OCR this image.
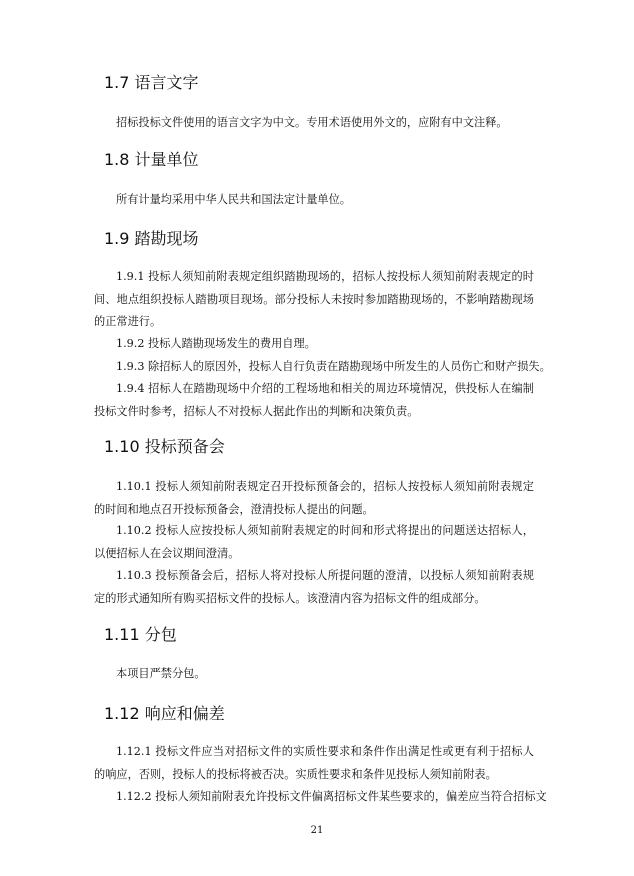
1.7 语言文字
招标投标文件使用的语言文字为中文。专用术语使用外文的，应附有中文注释。
1.8 计量单位
所有计量均采用中华人民共和国法定计量单位。
1.9 踏勘现场
1.9.1 投标人须知前附表规定组织踏勘现场的，招标人按投标人须知前附表规定的时间、地点组织投标人踏勘项目现场。部分投标人未按时参加踏勘现场的，不影响踏勘现场的正常进行。
1.9.2 投标人踏勘现场发生的费用自理。
1.9.3 除招标人的原因外，投标人自行负责在踏勘现场中所发生的人员伤亡和财产损失。
1.9.4 招标人在踏勘现场中介绍的工程场地和相关的周边环境情况，供投标人在编制投标文件时参考，招标人不对投标人据此作出的判断和决策负责。
1.10 投标预备会
1.10.1 投标人须知前附表规定召开投标预备会的，招标人按投标人须知前附表规定的时间和地点召开投标预备会，澄清投标人提出的问题。
1.10.2 投标人应按投标人须知前附表规定的时间和形式将提出的问题送达招标人，以便招标人在会议期间澄清。
1.10.3 投标预备会后，招标人将对投标人所提问题的澄清，以投标人须知前附表规定的形式通知所有购买招标文件的投标人。该澄清内容为招标文件的组成部分。
1.11 分包
本项目严禁分包。
1.12 响应和偏差
1.12.1 投标文件应当对招标文件的实质性要求和条件作出满足性或更有利于招标人的响应，否则，投标人的投标将被否决。实质性要求和条件见投标人须知前附表。
1.12.2 投标人须知前附表允许投标文件偏离招标文件某些要求的，偏差应当符合招标文
21
